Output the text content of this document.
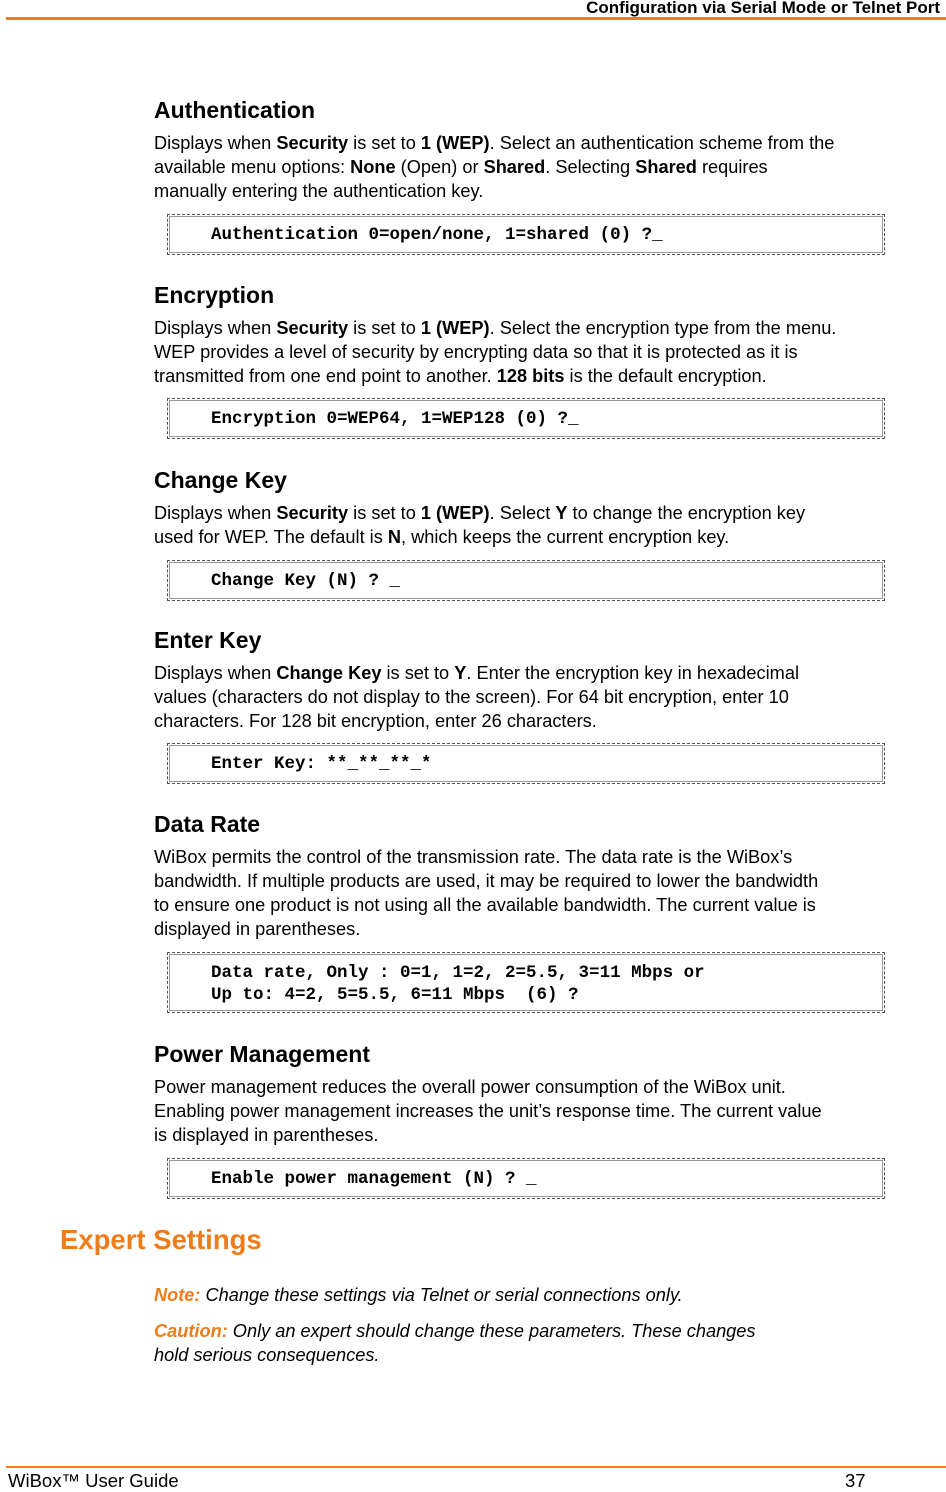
Configuration via Serial Mode or Telnet Port
Authentication

Displays when Security is set to 1 (WEP). Select an authentication scheme from the

available menu options: None (Open) or Shared. Selecting Shared requires

manually entering the authentication key.

Authentication 0=open/none, 1=shared (0) ?_
Encryption

Displays when Security is set to 1 (WEP). Select the encryption type from the menu.

WEP provides a level of security by encrypting data so that it is protected as it is

transmitted from one end point to another. 128 bits is the default encryption.

Encryption 0=WEP64, 1=WEP128 (0) ?_
Change Key

Displays when Security is set to 1 (WEP). Select Y to change the encryption key

used for WEP. The default is N, which keeps the current encryption key.

Change Key (N) ? _
Enter Key

Displays when Change Key is set to Y. Enter the encryption key in hexadecimal

values (characters do not display to the screen). For 64 bit encryption, enter 10

characters. For 128 bit encryption, enter 26 characters.

Enter Key: **_**_**_*
Data Rate

WiBox permits the control of the transmission rate. The data rate is the WiBox’s

bandwidth. If multiple products are used, it may be required to lower the bandwidth

to ensure one product is not using all the available bandwidth. The current value is

displayed in parentheses.

Data rate, Only : 0=1, 1=2, 2=5.5, 3=11 Mbps or
Up to: 4=2, 5=5.5, 6=11 Mbps  (6) ?
Power Management

Power management reduces the overall power consumption of the WiBox unit.

Enabling power management increases the unit’s response time. The current value

is displayed in parentheses.

Enable power management (N) ? _
Expert Settings

Note: Change these settings via Telnet or serial connections only.

Caution: Only an expert should change these parameters. These changes

hold serious consequences.

WiBox™ User Guide	37
